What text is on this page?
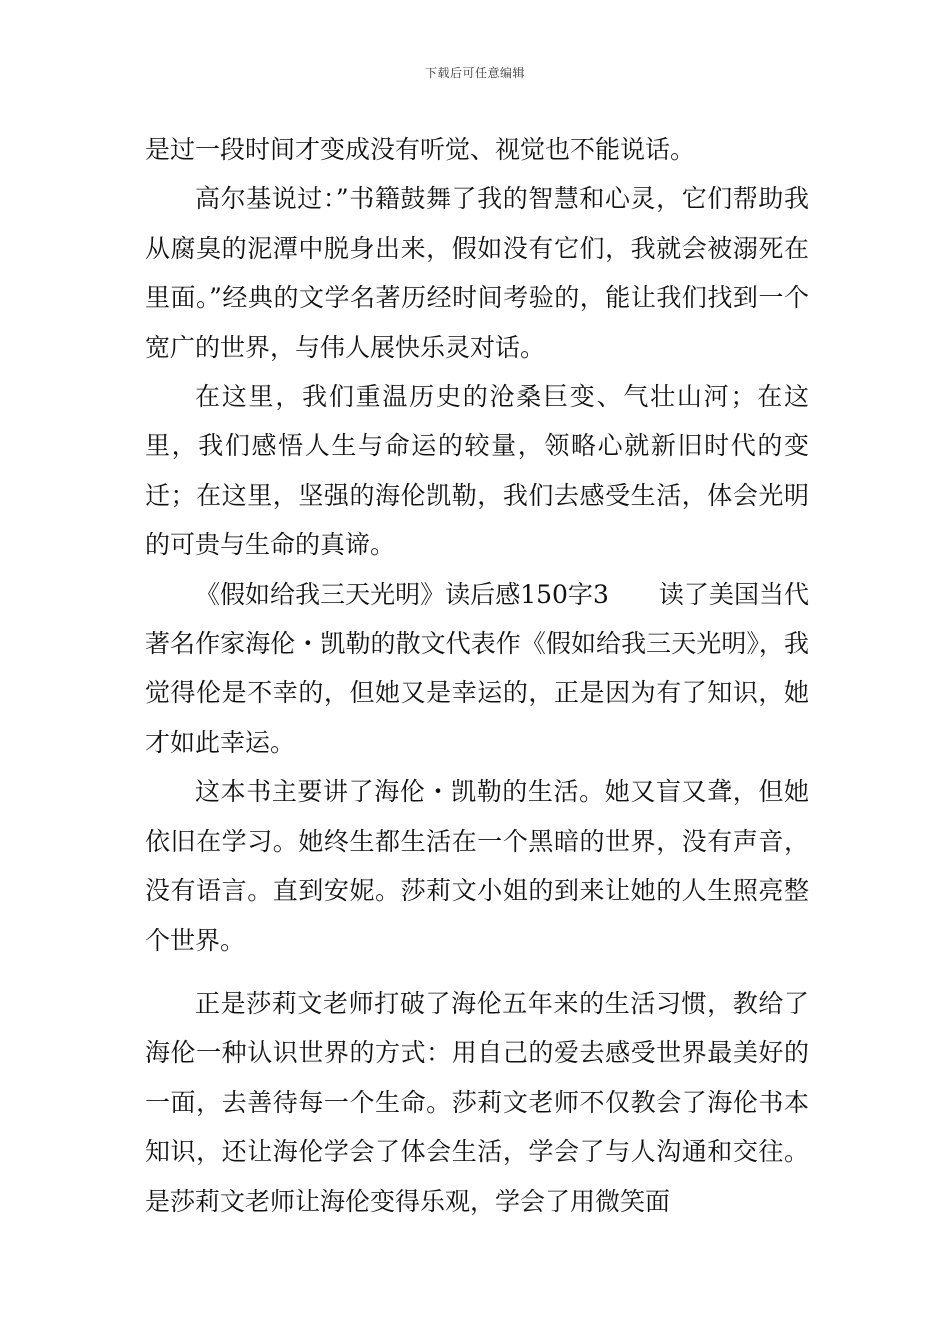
下载后可任意编辑

是过一段时间才变成没有听觉、视觉也不能说话。

高尔基说过：”书籍鼓舞了我的智慧和心灵，它们帮助我从腐臭的泥潭中脱身出来，假如没有它们，我就会被溺死在里面。”经典的文学名著历经时间考验的，能让我们找到一个宽广的世界，与伟人展快乐灵对话。

在这里，我们重温历史的沧桑巨变、气壮山河；在这里，我们感悟人生与命运的较量，领略心就新旧时代的变迁；在这里，坚强的海伦凯勒，我们去感受生活，体会光明的可贵与生命的真谛。

《假如给我三天光明》读后感150字3　　读了美国当代著名作家海伦・凯勒的散文代表作《假如给我三天光明》，我觉得伦是不幸的，但她又是幸运的，正是因为有了知识，她才如此幸运。

这本书主要讲了海伦・凯勒的生活。她又盲又聋，但她依旧在学习。她终生都生活在一个黑暗的世界，没有声音，没有语言。直到安妮。莎莉文小姐的到来让她的人生照亮整个世界。

正是莎莉文老师打破了海伦五年来的生活习惯，教给了海伦一种认识世界的方式：用自己的爱去感受世界最美好的一面，去善待每一个生命。莎莉文老师不仅教会了海伦书本知识，还让海伦学会了体会生活，学会了与人沟通和交往。是莎莉文老师让海伦变得乐观，学会了用微笑面
